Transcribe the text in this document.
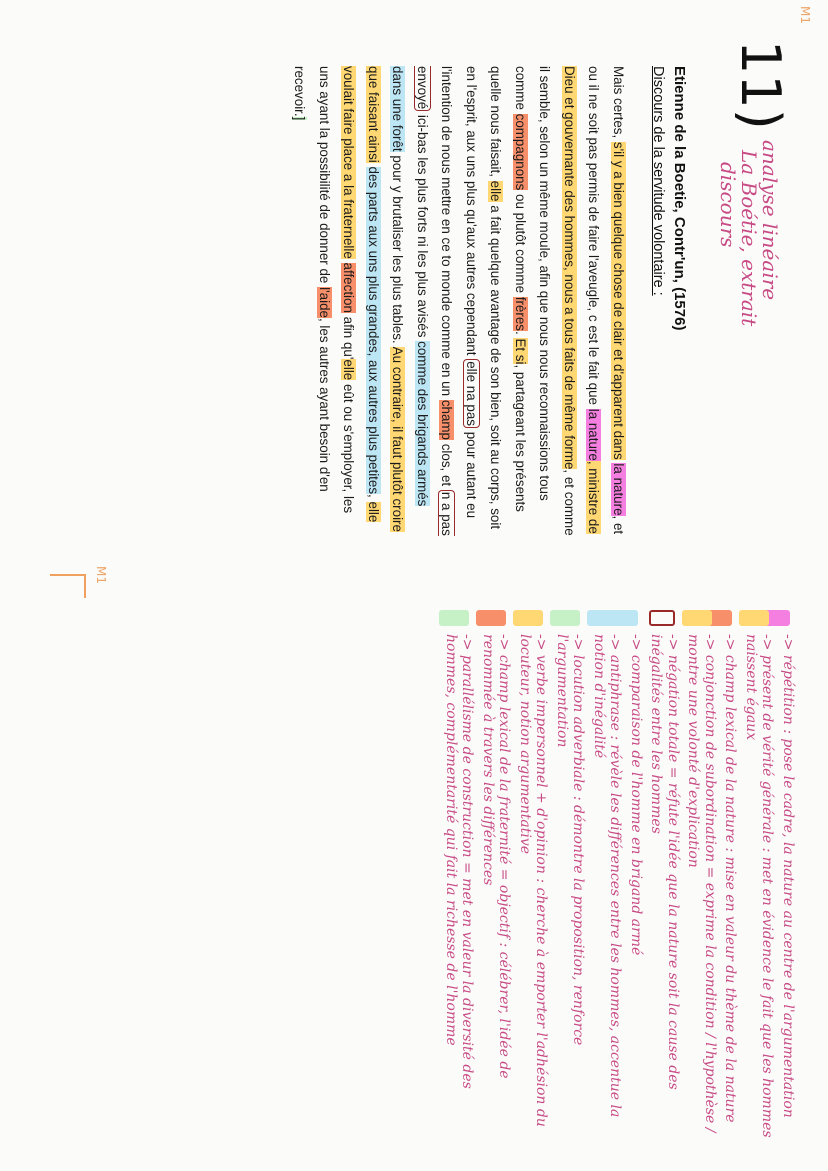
M1
M1
11)
analyse linéaire
La Boétie, extrait
discours
Etienne de la Boetie, Contr'un, (1576)
Discours de la servitude volontaire :
Mais certes, s'il y a bien quelque chose de clair et d'apparent dans la nature, et ou il ne soit pas permis de faire l'aveugle, c est le fait que la nature, ministre de Dieu et gouvernante des hommes, nous a tous faits de même forme, et comme il semble, selon un même moule, afin que nous nous reconnaissions tous comme compagnons ou plutôt comme frères. Et si, partageant les présents quelle nous faisait, elle a fait quelque avantage de son bien, soit au corps, soit en l'esprit, aux uns plus qu'aux autres cependant elle na pas pour autant eu l'intention de nous mettre en ce to monde comme en un champ clos, et n a pas envoyé ici-bas les plus forts ni les plus avisés comme des brigands armés dans une forêt pour y brutaliser les plus tables. Au contraire, il faut plutôt croire que faisant ainsi des parts aux uns plus grandes, aux autres plus petites, elle voulait faire place a la fraternelle affection afin qu'elle eût ou s'employer, les uns ayant la possibilité de donner de l'aide, les autres ayant besoin d'en recevoir.]
-> répétition : pose le cadre, la nature au centre de l'argumentation
-> présent de vérité générale : met en évidence le fait que les hommes naissent égaux
-> champ lexical de la nature : mise en valeur du thème de la nature
-> conjonction de subordination = exprime la condition / l'hypothèse / montre une volonté d'explication
-> négation totale = réfute l'idée que la nature soit la cause des inégalités entre les hommes
-> comparaison de l'homme en brigand armé
-> antiphrase : révèle les différences entre les hommes, accentue la notion d'inégalité
-> locution adverbiale : démontre la proposition, renforce l'argumentation
-> verbe impersonnel + d'opinion : cherche à emporter l'adhésion du locuteur, notion argumentative
-> champ lexical de la fraternité = objectif : célébrer, l'idée de renommée à travers les différences
-> parallélisme de construction = met en valeur la diversité des hommes, complémentarité qui fait la richesse de l'homme
